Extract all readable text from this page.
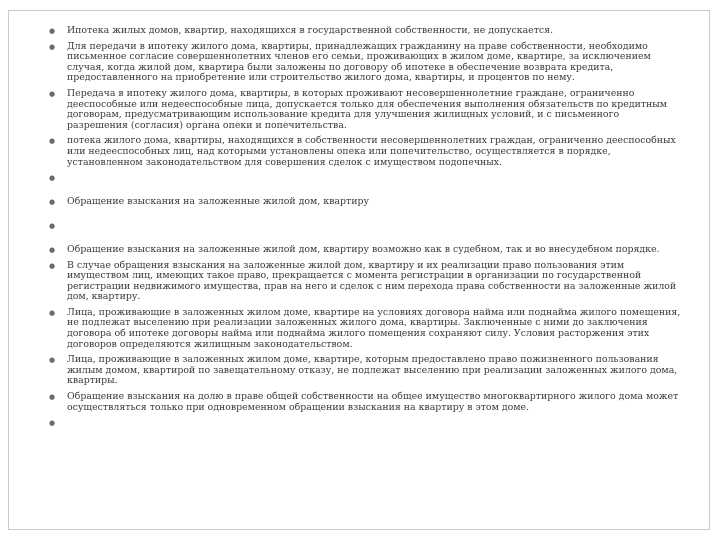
● Ипотека жилых домов, квартир, находящихся в государственной собственности, не допускается.
● Для передачи в ипотеку жилого дома, квартиры, принадлежащих гражданину на праве собственности, необходимо письменное согласие совершеннолетних членов его семьи, проживающих в жилом доме, квартире, за исключением случая, когда жилой дом, квартира были заложены по договору об ипотеке в обеспечение возврата кредита, предоставленного на приобретение или строительство жилого дома, квартиры, и процентов по нему.
● Передача в ипотеку жилого дома, квартиры, в которых проживают несовершеннолетние граждане, ограниченно дееспособные или недееспособные лица, допускается только для обеспечения выполнения обязательств по кредитным договорам, предусматривающим использование кредита для улучшения жилищных условий, и с письменного разрешения (согласия) органа опеки и попечительства.
● потека жилого дома, квартиры, находящихся в собственности несовершеннолетних граждан, ограниченно дееспособных или недееспособных лиц, над которыми установлены опека или попечительство, осуществляется в порядке, установленном законодательством для совершения сделок с имуществом подопечных.
●
● Обращение взыскания на заложенные жилой дом, квартиру
●
● Обращение взыскания на заложенные жилой дом, квартиру возможно как в судебном, так и во внесудебном порядке.
● В случае обращения взыскания на заложенные жилой дом, квартиру и их реализации право пользования этим имуществом лиц, имеющих такое право, прекращается с момента регистрации в организации по государственной регистрации недвижимого имущества, прав на него и сделок с ним перехода права собственности на заложенные жилой дом, квартиру.
● Лица, проживающие в заложенных жилом доме, квартире на условиях договора найма или поднайма жилого помещения, не подлежат выселению при реализации заложенных жилого дома, квартиры. Заключенные с ними до заключения договора об ипотеке договоры найма или поднайма жилого помещения сохраняют силу. Условия расторжения этих договоров определяются жилищным законодательством.
● Лица, проживающие в заложенных жилом доме, квартире, которым предоставлено право пожизненного пользования жилым домом, квартирой по завещательному отказу, не подлежат выселению при реализации заложенных жилого дома, квартиры.
● Обращение взыскания на долю в праве общей собственности на общее имущество многоквартирного жилого дома может осуществляться только при одновременном обращении взыскания на квартиру в этом доме.
●
